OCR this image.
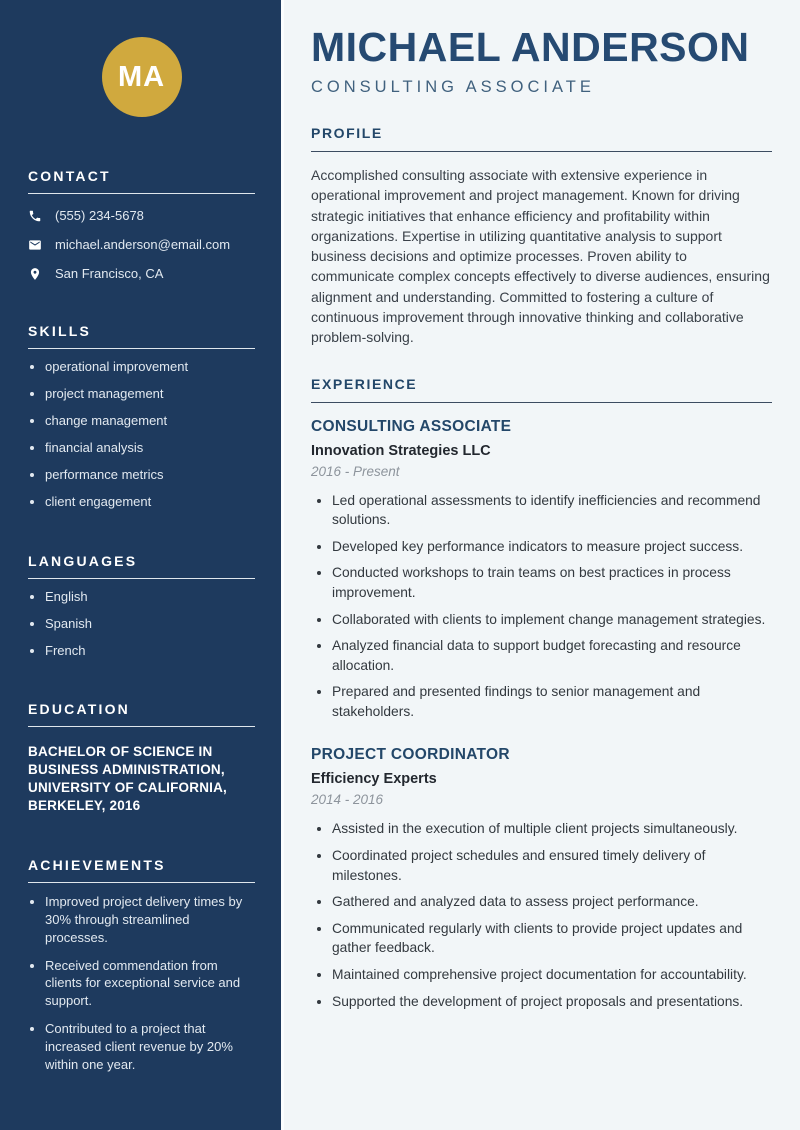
MA
CONTACT
(555) 234-5678
michael.anderson@email.com
San Francisco, CA
SKILLS
• operational improvement
• project management
• change management
• financial analysis
• performance metrics
• client engagement
LANGUAGES
• English
• Spanish
• French
EDUCATION

BACHELOR OF SCIENCE IN BUSINESS ADMINISTRATION, UNIVERSITY OF CALIFORNIA, BERKELEY, 2016

ACHIEVEMENTS
• Improved project delivery times by 30% through streamlined processes.
• Received commendation from clients for exceptional service and support.
• Contributed to a project that increased client revenue by 20% within one year.
MICHAEL ANDERSON
CONSULTING ASSOCIATE
PROFILE

Accomplished consulting associate with extensive experience in operational improvement and project management. Known for driving strategic initiatives that enhance efficiency and profitability within organizations. Expertise in utilizing quantitative analysis to support business decisions and optimize processes. Proven ability to communicate complex concepts effectively to diverse audiences, ensuring alignment and understanding. Committed to fostering a culture of continuous improvement through innovative thinking and collaborative problem-solving.

EXPERIENCE
CONSULTING ASSOCIATE
Innovation Strategies LLC
2016 - Present
• Led operational assessments to identify inefficiencies and recommend solutions.
• Developed key performance indicators to measure project success.
• Conducted workshops to train teams on best practices in process improvement.
• Collaborated with clients to implement change management strategies.
• Analyzed financial data to support budget forecasting and resource allocation.
• Prepared and presented findings to senior management and stakeholders.
PROJECT COORDINATOR
Efficiency Experts
2014 - 2016
• Assisted in the execution of multiple client projects simultaneously.
• Coordinated project schedules and ensured timely delivery of milestones.
• Gathered and analyzed data to assess project performance.
• Communicated regularly with clients to provide project updates and gather feedback.
• Maintained comprehensive project documentation for accountability.
• Supported the development of project proposals and presentations.
